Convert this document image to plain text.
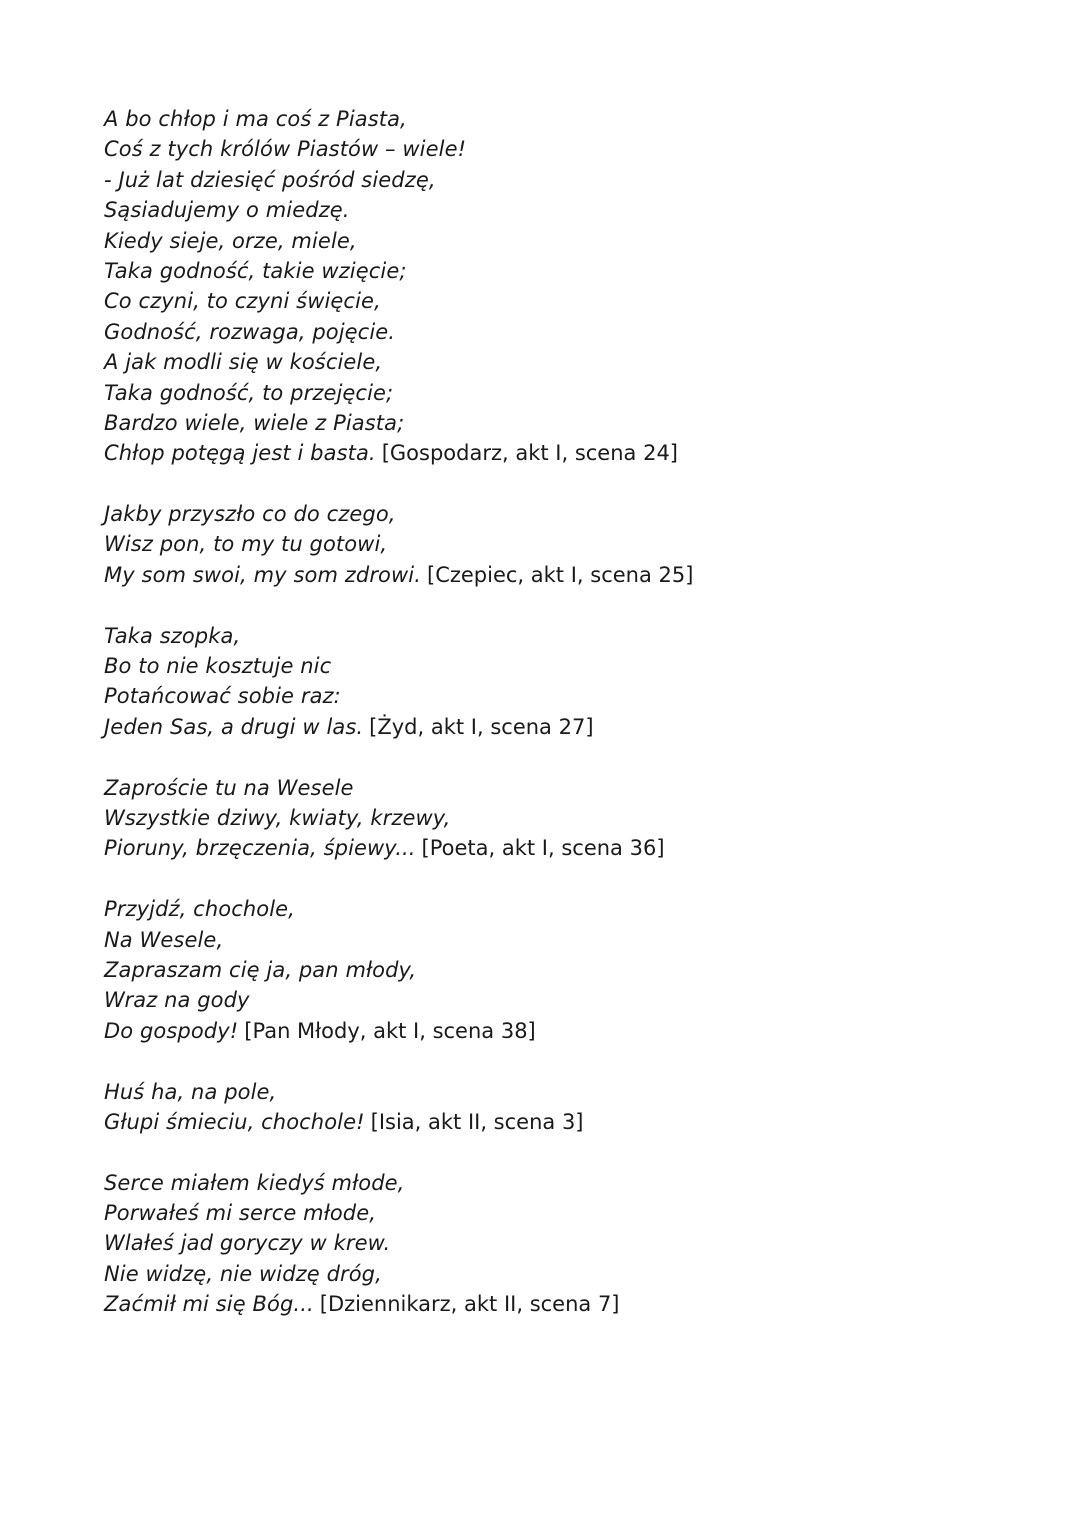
A bo chłop i ma coś z Piasta,
Coś z tych królów Piastów – wiele!
- Już lat dziesięć pośród siedzę,
Sąsiadujemy o miedzę.
Kiedy sieje, orze, miele,
Taka godność, takie wzięcie;
Co czyni, to czyni święcie,
Godność, rozwaga, pojęcie.
A jak modli się w kościele,
Taka godność, to przejęcie;
Bardzo wiele, wiele z Piasta;
Chłop potęgą jest i basta. [Gospodarz, akt I, scena 24]
Jakby przyszło co do czego,
Wisz pon, to my tu gotowi,
My som swoi, my som zdrowi. [Czepiec, akt I, scena 25]
Taka szopka,
Bo to nie kosztuje nic
Potańcować sobie raz:
Jeden Sas, a drugi w las. [Żyd, akt I, scena 27]
Zaproście tu na Wesele
Wszystkie dziwy, kwiaty, krzewy,
Pioruny, brzęczenia, śpiewy... [Poeta, akt I, scena 36]
Przyjdź, chochole,
Na Wesele,
Zapraszam cię ja, pan młody,
Wraz na gody
Do gospody! [Pan Młody, akt I, scena 38]
Huś ha, na pole,
Głupi śmieciu, chochole! [Isia, akt II, scena 3]
Serce miałem kiedyś młode,
Porwałeś mi serce młode,
Wlałeś jad goryczy w krew.
Nie widzę, nie widzę dróg,
Zaćmił mi się Bóg... [Dziennikarz, akt II, scena 7]
